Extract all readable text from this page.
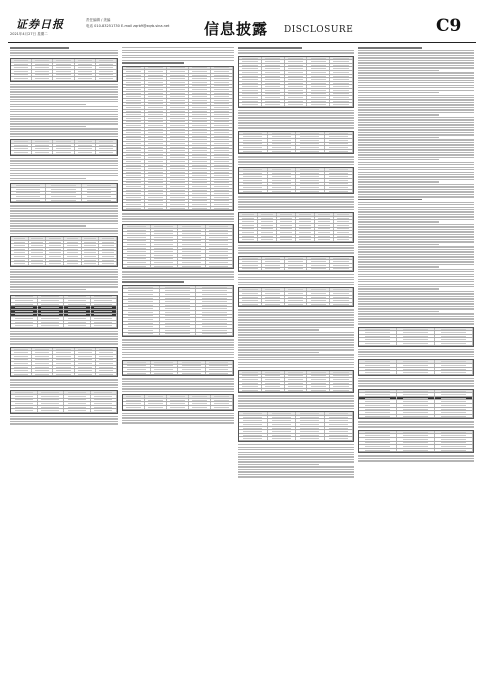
证券日报
2021年4月27日 星期二
责任编辑 / 美编
电话 010-83251730 E-mail zqrb9@zqrb.sina.net 信息披露 DISCLOSURE	C9
